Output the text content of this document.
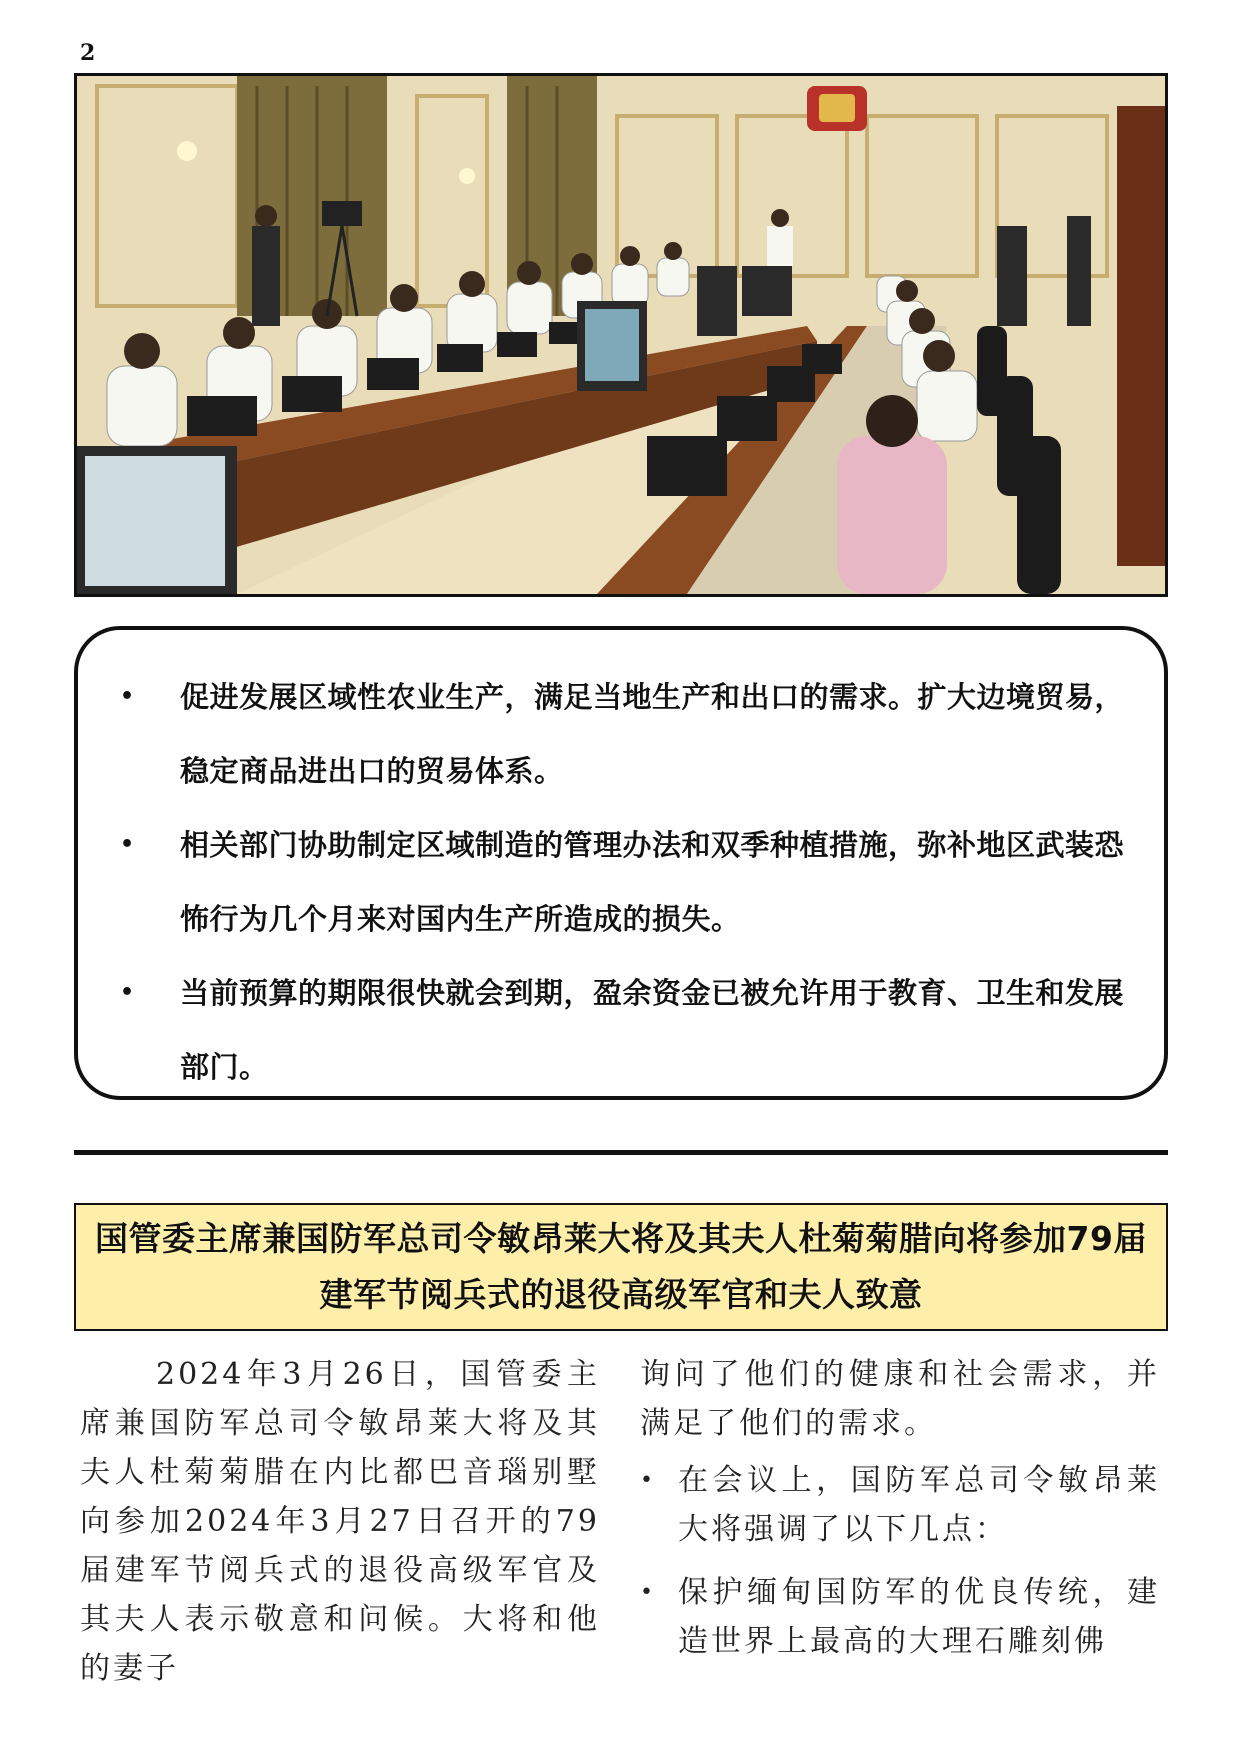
2
• 促进发展区域性农业生产，满足当地生产和出口的需求。扩大边境贸易，稳定商品进出口的贸易体系。
• 相关部门协助制定区域制造的管理办法和双季种植措施，弥补地区武装恐怖行为几个月来对国内生产所造成的损失。
• 当前预算的期限很快就会到期，盈余资金已被允许用于教育、卫生和发展部门。
国管委主席兼国防军总司令敏昂莱大将及其夫人杜菊菊腊向将参加79届建军节阅兵式的退役高级军官和夫人致意

2024年3月26日，国管委主席兼国防军总司令敏昂莱大将及其夫人杜菊菊腊在内比都巴音瑙别墅向参加2024年3月27日召开的79届建军节阅兵式的退役高级军官及其夫人表示敬意和问候。大将和他的妻子

询问了他们的健康和社会需求，并满足了他们的需求。

• 在会议上，国防军总司令敏昂莱大将强调了以下几点：
• 保护缅甸国防军的优良传统，建造世界上最高的大理石雕刻佛
